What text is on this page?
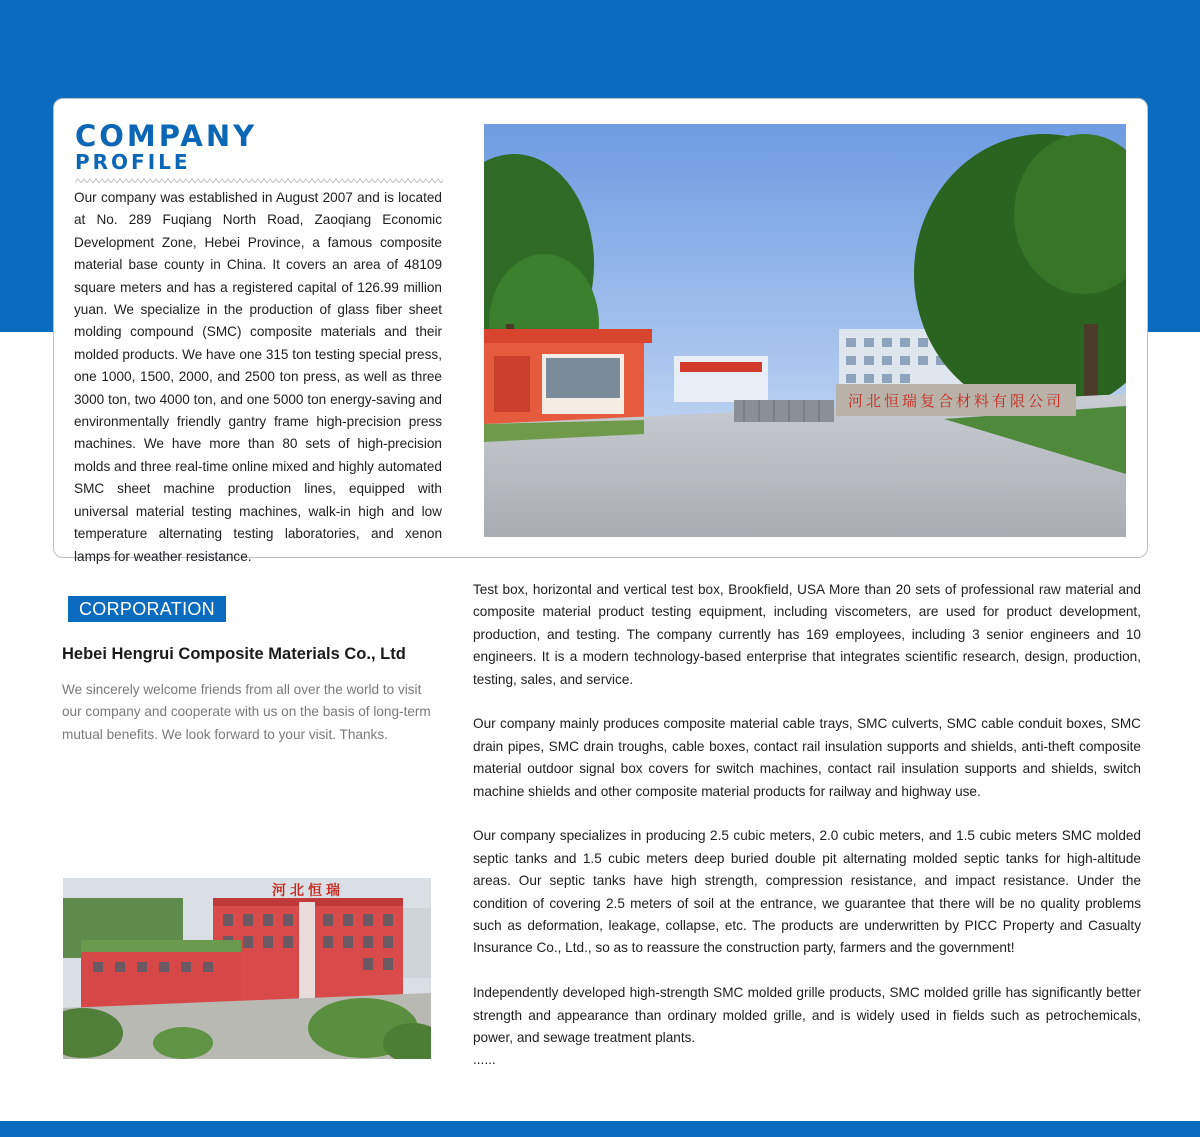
COMPANY
PROFILE

Our company was established in August 2007 and is located at No. 289 Fuqiang North Road, Zaoqiang Economic Development Zone, Hebei Province, a famous composite material base county in China. It covers an area of 48109 square meters and has a registered capital of 126.99 million yuan. We specialize in the production of glass fiber sheet molding compound (SMC) composite materials and their molded products. We have one 315 ton testing special press, one 1000, 1500, 2000, and 2500 ton press, as well as three 3000 ton, two 4000 ton, and one 5000 ton energy-saving and environmentally friendly gantry frame high-precision press machines. We have more than 80 sets of high-precision molds and three real-time online mixed and highly automated SMC sheet machine production lines, equipped with universal material testing machines, walk-in high and low temperature alternating testing laboratories, and xenon lamps for weather resistance.

河北恒瑞复合材料有限公司
CORPORATION
Hebei Hengrui Composite Materials Co., Ltd

We sincerely welcome friends from all over the world to visit our company and cooperate with us on the basis of long-term mutual benefits. We look forward to your visit. Thanks.

河北恒瑞

Test box, horizontal and vertical test box, Brookfield, USA More than 20 sets of professional raw material and composite material product testing equipment, including viscometers, are used for product development, production, and testing. The company currently has 169 employees, including 3 senior engineers and 10 engineers. It is a modern technology-based enterprise that integrates scientific research, design, production, testing, sales, and service.

Our company mainly produces composite material cable trays, SMC culverts, SMC cable conduit boxes, SMC drain pipes, SMC drain troughs, cable boxes, contact rail insulation supports and shields, anti-theft composite material outdoor signal box covers for switch machines, contact rail insulation supports and shields, switch machine shields and other composite material products for railway and highway use.

Our company specializes in producing 2.5 cubic meters, 2.0 cubic meters, and 1.5 cubic meters SMC molded septic tanks and 1.5 cubic meters deep buried double pit alternating molded septic tanks for high-altitude areas. Our septic tanks have high strength, compression resistance, and impact resistance. Under the condition of covering 2.5 meters of soil at the entrance, we guarantee that there will be no quality problems such as deformation, leakage, collapse, etc. The products are underwritten by PICC Property and Casualty Insurance Co., Ltd., so as to reassure the construction party, farmers and the government!

Independently developed high-strength SMC molded grille products, SMC molded grille has significantly better strength and appearance than ordinary molded grille, and is widely used in fields such as petrochemicals, power, and sewage treatment plants.

......
